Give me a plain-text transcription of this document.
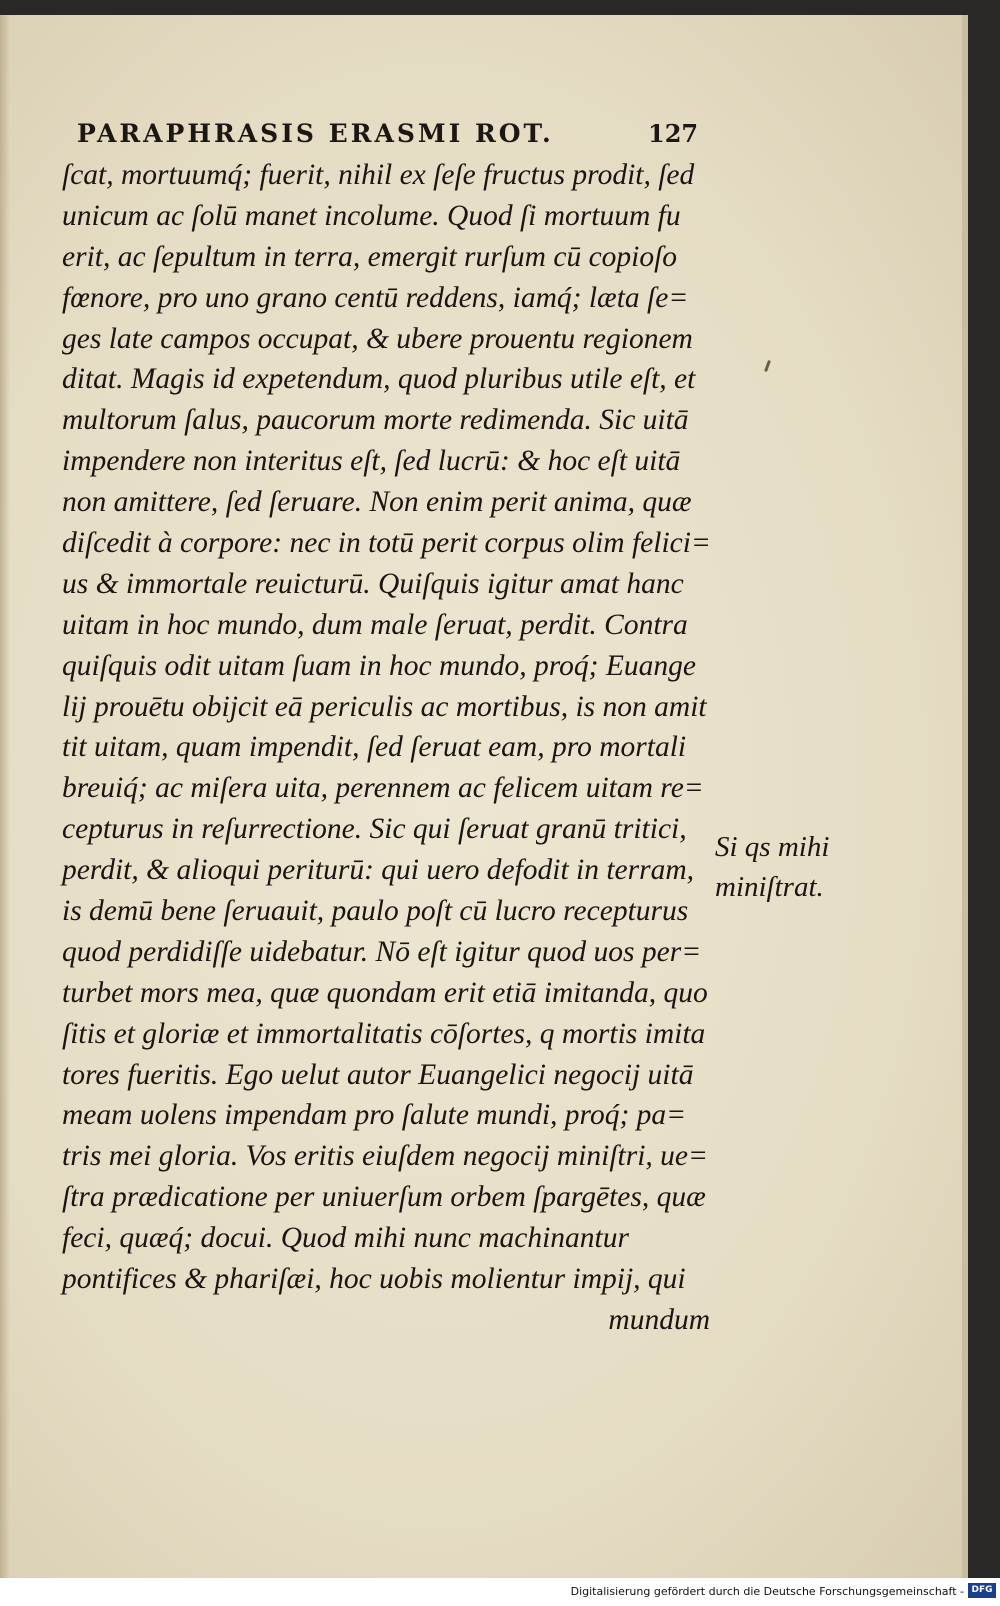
PARAPHRASIS ERASMI ROT.	127
ſcat, mortuumq́; fuerit, nihil ex ſeſe fructus prodit, ſed
unicum ac ſolū manet incolume. Quod ſi mortuum fu
erit, ac ſepultum in terra, emergit rurſum cū copioſo
fœnore, pro uno grano centū reddens, iamq́; læta ſe=
ges late campos occupat, & ubere prouentu regionem
ditat. Magis id expetendum, quod pluribus utile eſt, et
multorum ſalus, paucorum morte redimenda. Sic uitā
impendere non interitus eſt, ſed lucrū: & hoc eſt uitā
non amittere, ſed ſeruare. Non enim perit anima, quæ
diſcedit à corpore: nec in totū perit corpus olim felici=
us & immortale reuicturū. Quiſquis igitur amat hanc
uitam in hoc mundo, dum male ſeruat, perdit. Contra
quiſquis odit uitam ſuam in hoc mundo, proq́; Euange
lij prouētu obijcit eā periculis ac mortibus, is non amit
tit uitam, quam impendit, ſed ſeruat eam, pro mortali
breuiq́; ac miſera uita, perennem ac felicem uitam re=
cepturus in reſurrectione. Sic qui ſeruat granū tritici,
perdit, & alioqui periturū: qui uero defodit in terram,
is demū bene ſeruauit, paulo poſt cū lucro recepturus
quod perdidiſſe uidebatur. Nō eſt igitur quod uos per=
turbet mors mea, quæ quondam erit etiā imitanda, quo
ſitis et gloriæ et immortalitatis cōſortes, q mortis imita
tores fueritis. Ego uelut autor Euangelici negocij uitā
meam uolens impendam pro ſalute mundi, proq́; pa=
tris mei gloria. Vos eritis eiuſdem negocij miniſtri, ue=
ſtra prædicatione per uniuerſum orbem ſpargētes, quæ
feci, quæq́; docui. Quod mihi nunc machinantur
pontifices & phariſæi, hoc uobis molientur impij, qui
mundum
Si qs mihi
miniſtrat.
Digitalisierung gefördert durch die Deutsche Forschungsgemeinschaft - DFG
